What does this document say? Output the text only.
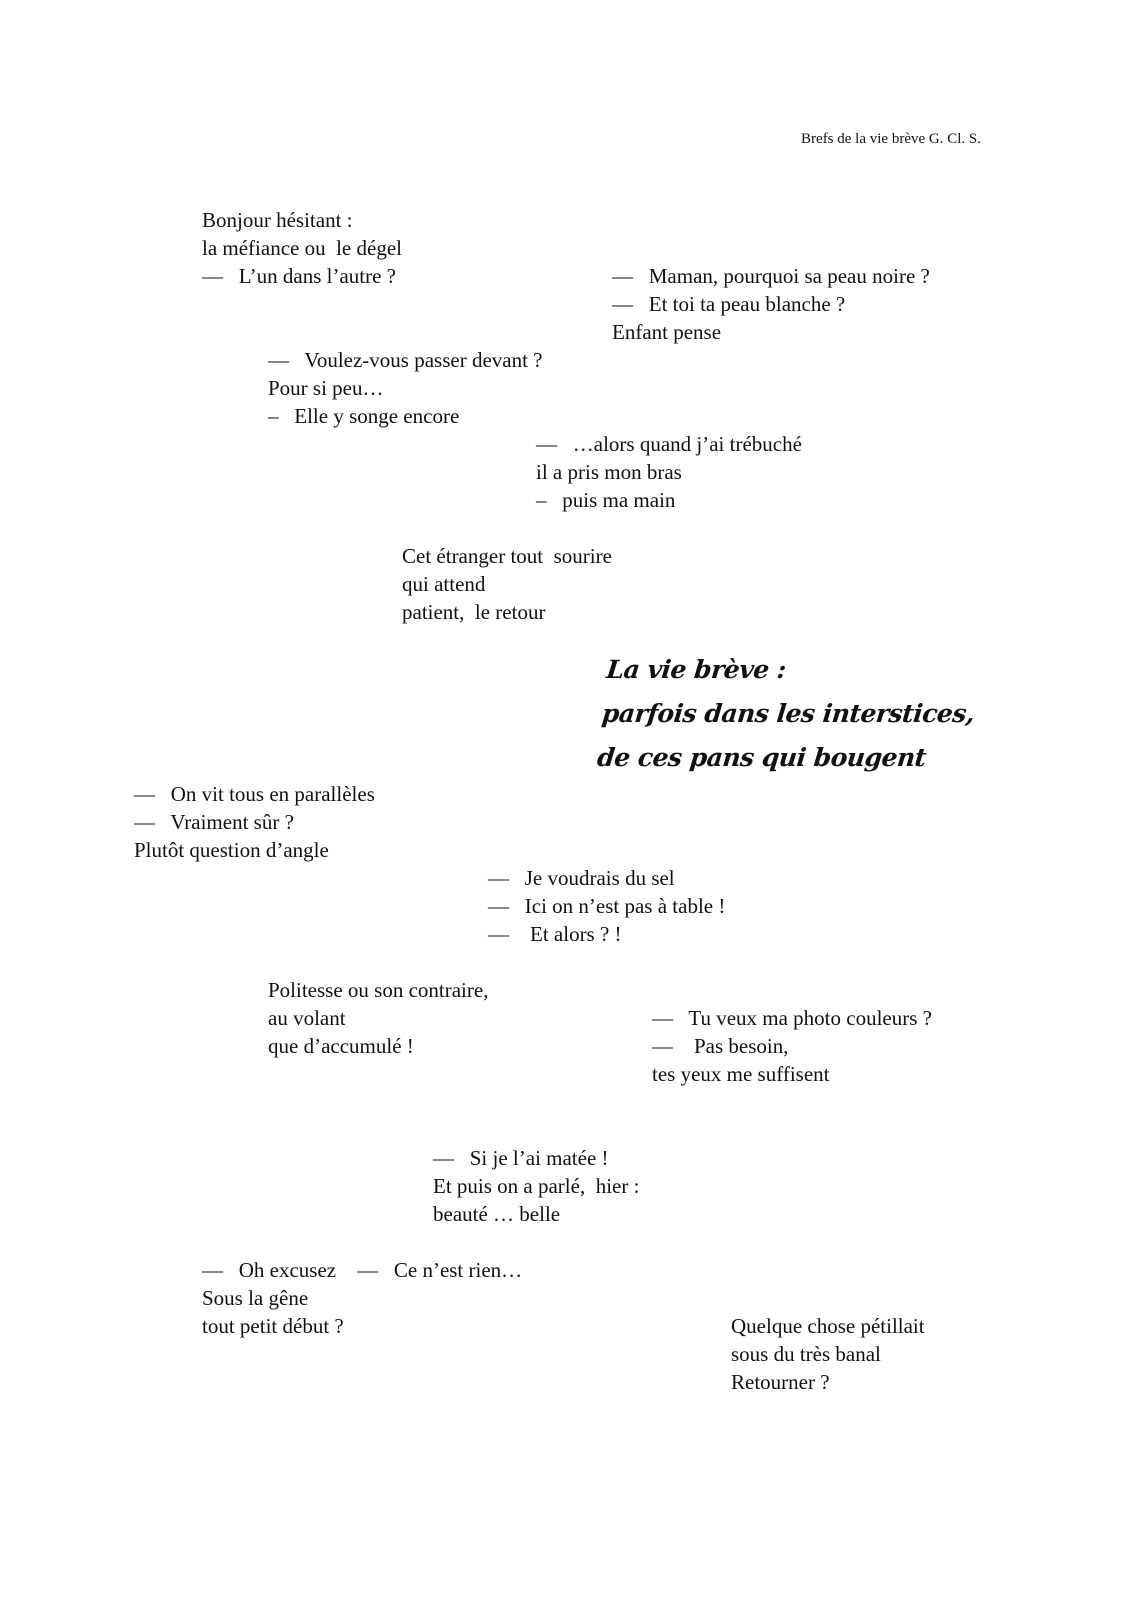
Brefs de la vie brève G. Cl. S.
Bonjour hésitant :
la méfiance ou  le dégel
—   L’un dans l’autre ?	—   Maman, pourquoi sa peau noire ?
—   Et toi ta peau blanche ?
Enfant pense
—   Voulez-vous passer devant ?
Pour si peu…
–   Elle y songe encore
—   …alors quand j’ai trébuché
il a pris mon bras
–   puis ma main
Cet étranger tout  sourire
qui attend
patient,  le retour
La vie brève :
parfois dans les interstices,
de ces pans qui bougent
—   On vit tous en parallèles
—   Vraiment sûr ?
Plutôt question d’angle
—   Je voudrais du sel
—   Ici on n’est pas à table !
—    Et alors ? !
Politesse ou son contraire,
au volant
que d’accumulé !
—   Tu veux ma photo couleurs ?
—    Pas besoin,
tes yeux me suffisent
—   Si je l’ai matée !
Et puis on a parlé,  hier :
beauté … belle
—   Oh excusez    —   Ce n’est rien…
Sous la gêne
tout petit début ?	Quelque chose pétillait
sous du très banal
Retourner ?
